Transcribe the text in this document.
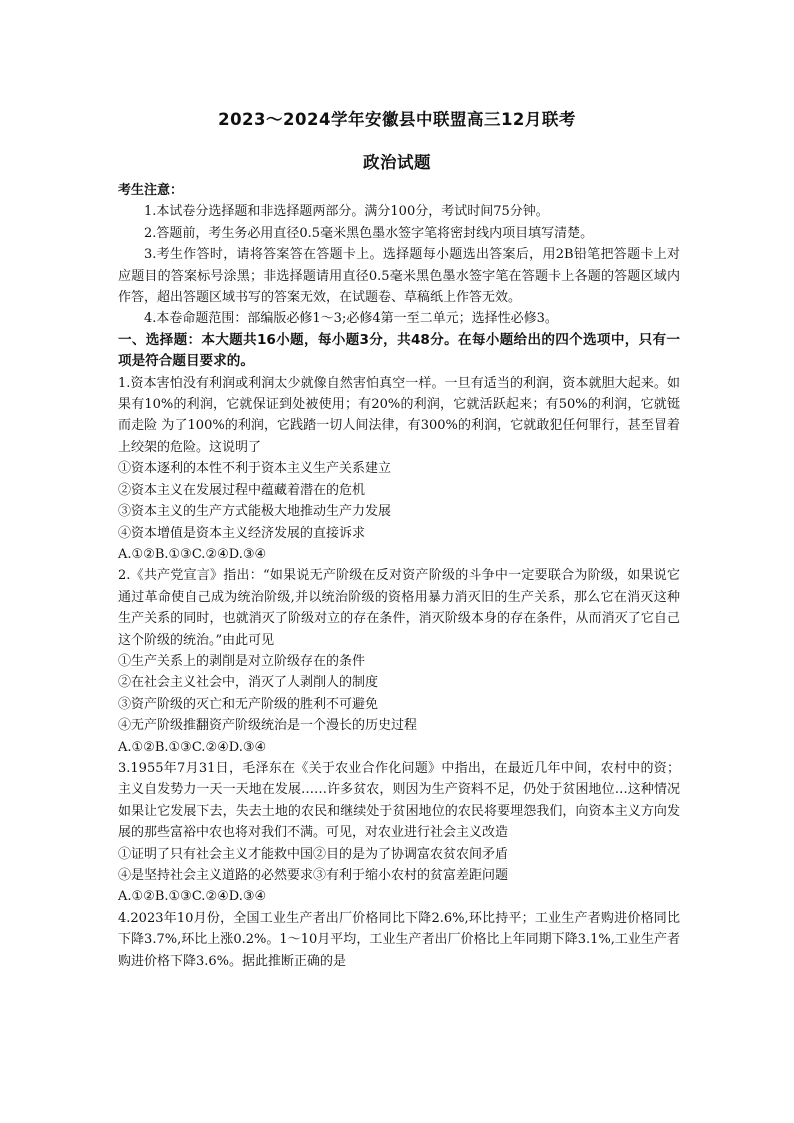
2023～2024学年安徽县中联盟高三12月联考
政治试题

考生注意：

1.本试卷分选择题和非选择题两部分。满分100分，考试时间75分钟。

2.答题前，考生务必用直径0.5毫米黑色墨水签字笔将密封线内项目填写清楚。

3.考生作答时，请将答案答在答题卡上。选择题每小题选出答案后，用2B铅笔把答题卡上对应题目的答案标号涂黑；非选择题请用直径0.5毫米黑色墨水签字笔在答题卡上各题的答题区域内作答，超出答题区域书写的答案无效，在试题卷、草稿纸上作答无效。

4.本卷命题范围：部编版必修1～3;必修4第一至二单元；选择性必修3。

一、选择题：本大题共16小题，每小题3分，共48分。在每小题给出的四个选项中，只有一项是符合题目要求的。

1.资本害怕没有利润或利润太少就像自然害怕真空一样。一旦有适当的利润，资本就胆大起来。如果有10%的利润，它就保证到处被使用；有20%的利润，它就活跃起来；有50%的利润，它就铤而走险 为了100%的利润，它践踏一切人间法律，有300%的利润，它就敢犯任何罪行，甚至冒着上绞架的危险。这说明了

①资本逐利的本性不利于资本主义生产关系建立

②资本主义在发展过程中蕴藏着潜在的危机

③资本主义的生产方式能极大地推动生产力发展

④资本增值是资本主义经济发展的直接诉求

A.①②B.①③C.②④D.③④

2.《共产党宣言》指出：“如果说无产阶级在反对资产阶级的斗争中一定要联合为阶级，如果说它通过革命使自己成为统治阶级,并以统治阶级的资格用暴力消灭旧的生产关系，那么它在消灭这种生产关系的同时，也就消灭了阶级对立的存在条件，消灭阶级本身的存在条件，从而消灭了它自己这个阶级的统治。”由此可见

①生产关系上的剥削是对立阶级存在的条件

②在社会主义社会中，消灭了人剥削人的制度

③资产阶级的灭亡和无产阶级的胜利不可避免

④无产阶级推翻资产阶级统治是一个漫长的历史过程

A.①②B.①③C.②④D.③④

3.1955年7月31日，毛泽东在《关于农业合作化问题》中指出，在最近几年中间，农村中的资；主义自发势力一天一天地在发展……许多贫农，则因为生产资料不足，仍处于贫困地位…这种情况如果让它发展下去，失去土地的农民和继续处于贫困地位的农民将要埋怨我们，向资本主义方向发展的那些富裕中农也将对我们不满。可见，对农业进行社会主义改造

①证明了只有社会主义才能救中国②目的是为了协调富农贫农间矛盾

④是坚持社会主义道路的必然要求③有利于缩小农村的贫富差距问题

A.①②B.①③C.②④D.③④

4.2023年10月份，全国工业生产者出厂价格同比下降2.6%,环比持平；工业生产者购进价格同比下降3.7%,环比上涨0.2%。1～10月平均，工业生产者出厂价格比上年同期下降3.1%,工业生产者购进价格下降3.6%。据此推断正确的是
